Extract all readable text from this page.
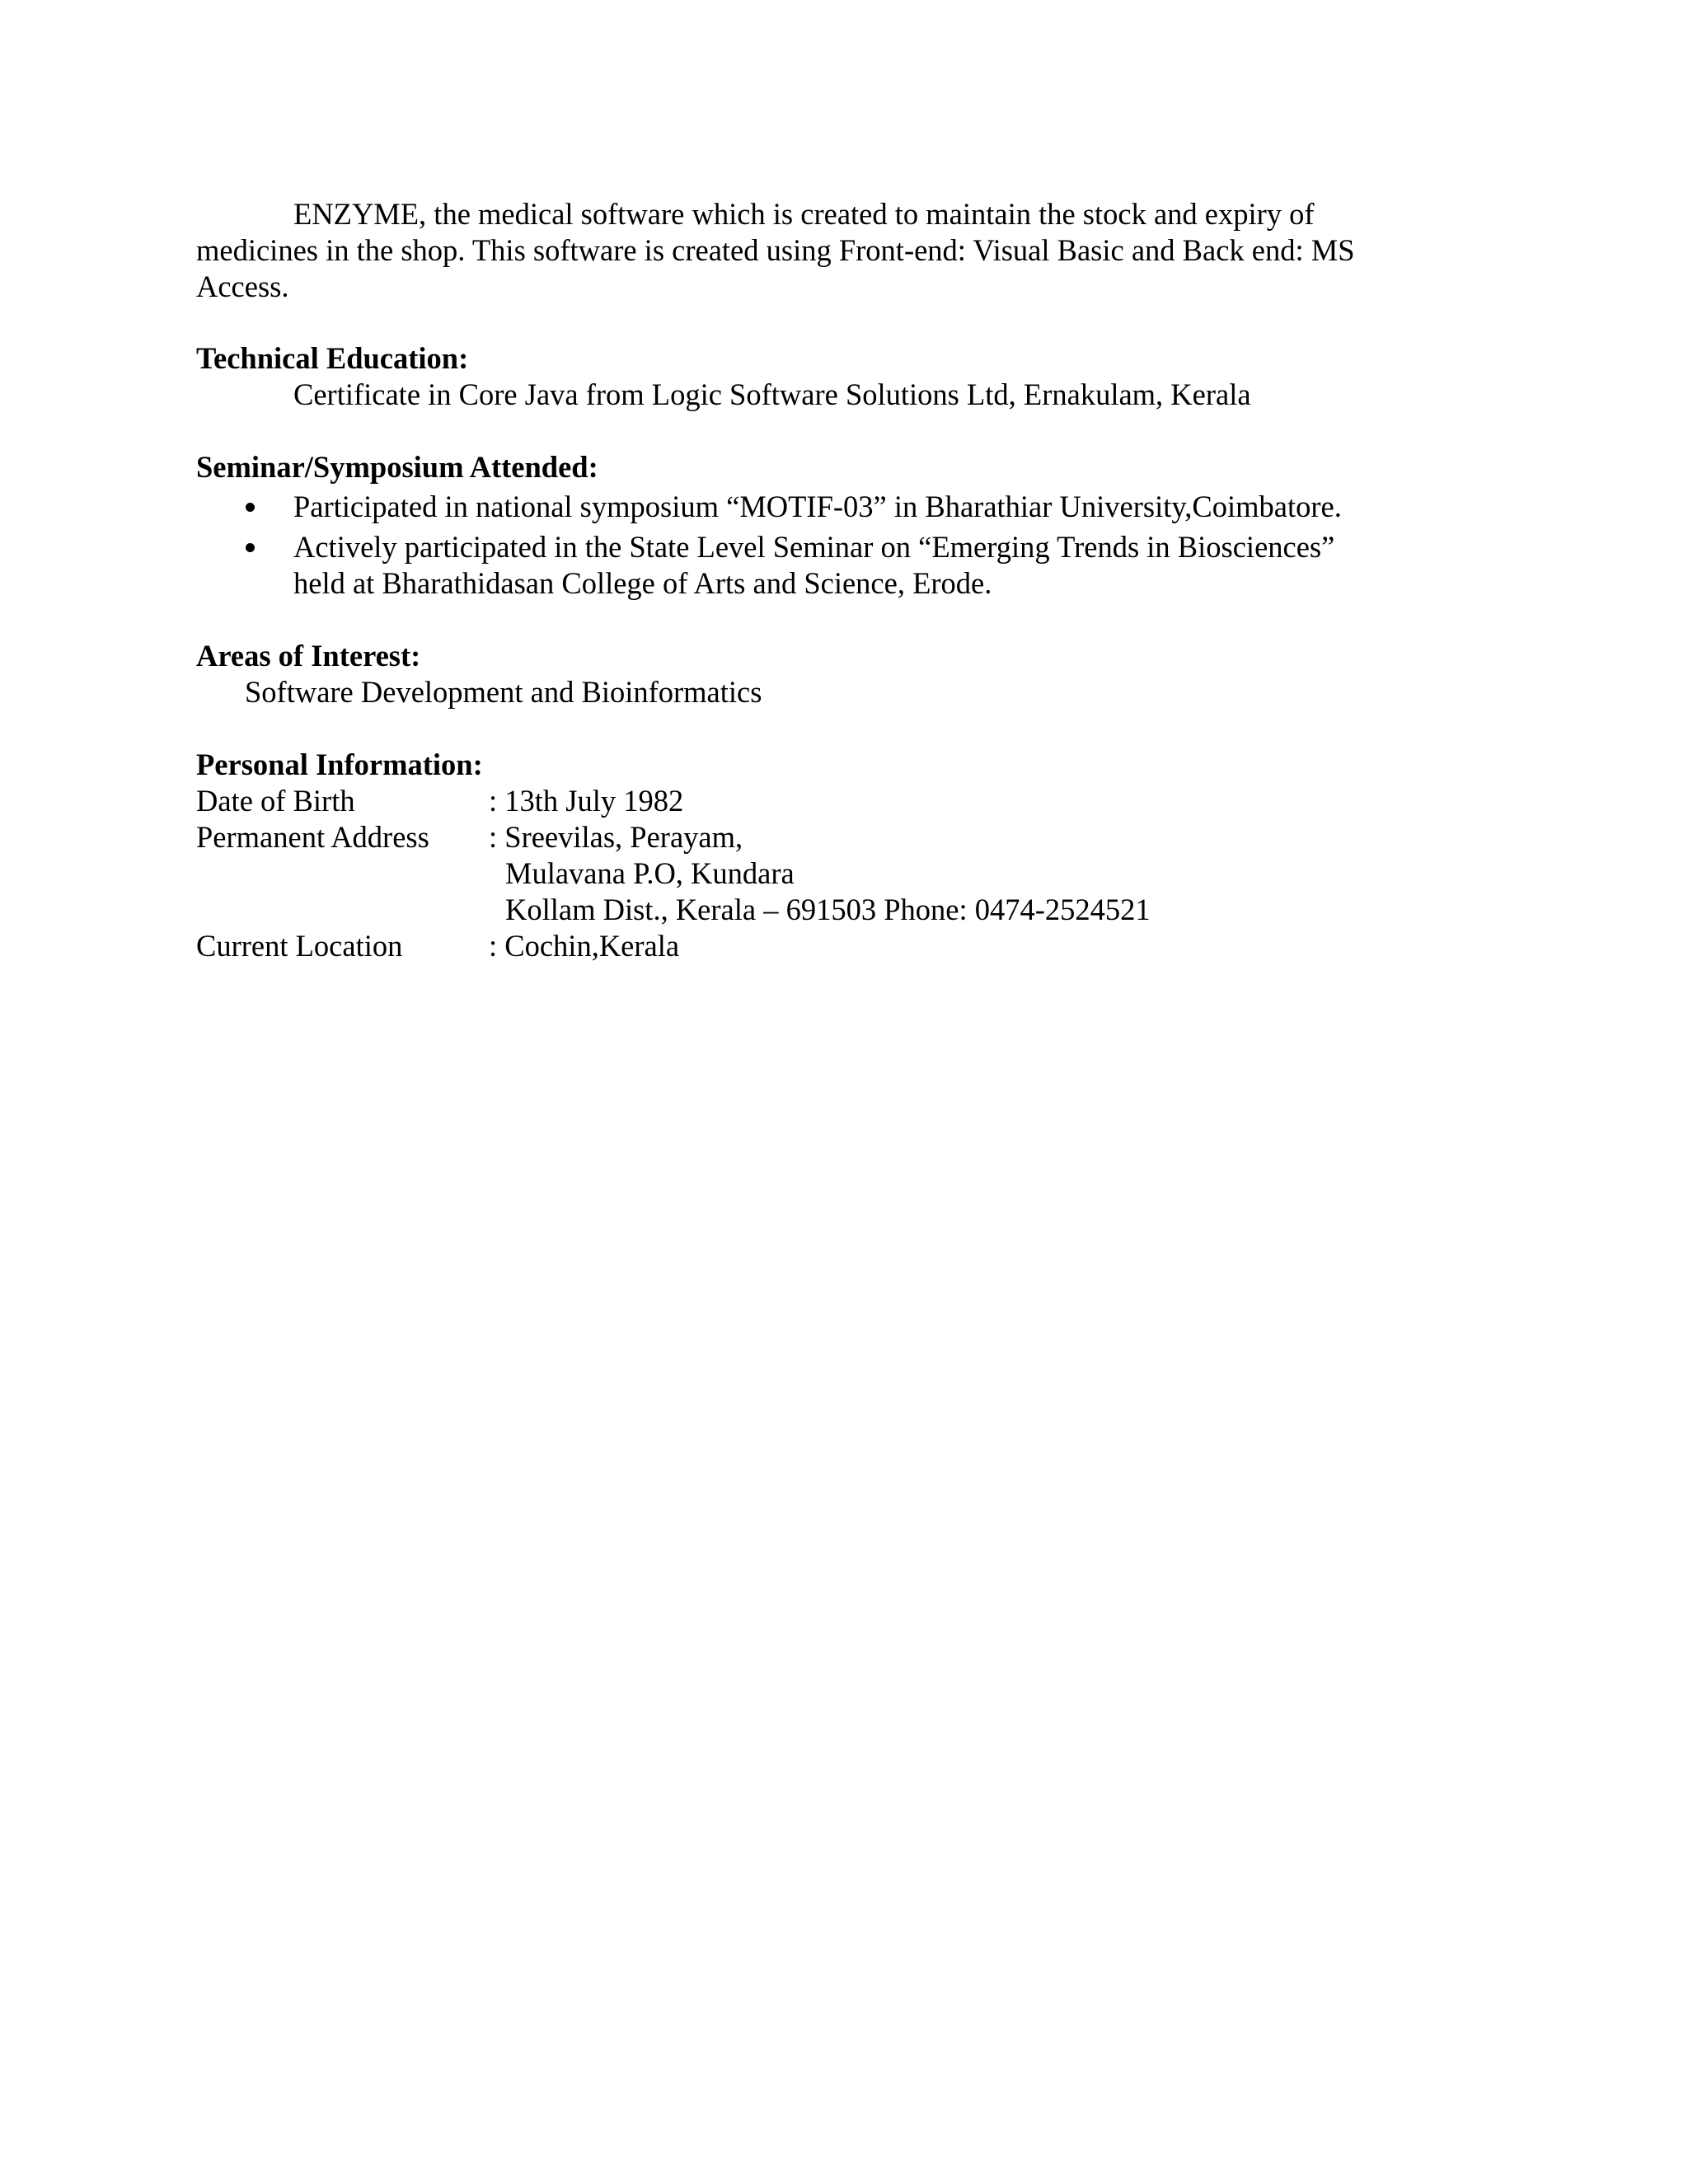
ENZYME, the medical software which is created to maintain the stock and expiry of
medicines in the shop. This software is created using Front-end: Visual Basic and Back end: MS
Access.
Technical Education:
Certificate in Core Java from Logic Software Solutions Ltd, Ernakulam, Kerala
Seminar/Symposium Attended:
Participated in national symposium “MOTIF-03” in Bharathiar University,Coimbatore.
Actively participated in the State Level Seminar on “Emerging Trends in Biosciences”
held at Bharathidasan College of Arts and Science, Erode.
Areas of Interest:
Software Development and Bioinformatics
Personal Information:
Date of Birth	: 13th July 1982
Permanent Address : Sreevilas, Perayam,
Mulavana P.O, Kundara
Kollam Dist., Kerala – 691503 Phone: 0474-2524521
Current Location	: Cochin,Kerala
